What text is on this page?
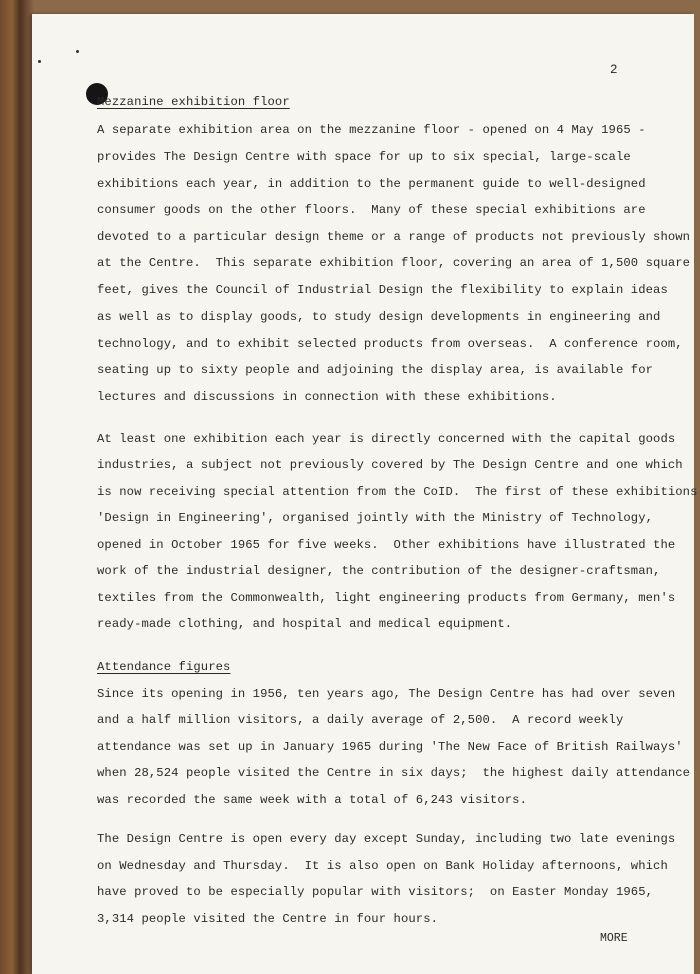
2
Mezzanine exhibition floor
A separate exhibition area on the mezzanine floor - opened on 4 May 1965 -
provides The Design Centre with space for up to six special, large-scale
exhibitions each year, in addition to the permanent guide to well-designed
consumer goods on the other floors.  Many of these special exhibitions are
devoted to a particular design theme or a range of products not previously shown
at the Centre.  This separate exhibition floor, covering an area of 1,500 square
feet, gives the Council of Industrial Design the flexibility to explain ideas
as well as to display goods, to study design developments in engineering and
technology, and to exhibit selected products from overseas.  A conference room,
seating up to sixty people and adjoining the display area, is available for
lectures and discussions in connection with these exhibitions.
At least one exhibition each year is directly concerned with the capital goods
industries, a subject not previously covered by The Design Centre and one which
is now receiving special attention from the CoID.  The first of these exhibitions
'Design in Engineering', organised jointly with the Ministry of Technology,
opened in October 1965 for five weeks.  Other exhibitions have illustrated the
work of the industrial designer, the contribution of the designer-craftsman,
textiles from the Commonwealth, light engineering products from Germany, men's
ready-made clothing, and hospital and medical equipment.
Attendance figures
Since its opening in 1956, ten years ago, The Design Centre has had over seven
and a half million visitors, a daily average of 2,500.  A record weekly
attendance was set up in January 1965 during 'The New Face of British Railways'
when 28,524 people visited the Centre in six days;  the highest daily attendance
was recorded the same week with a total of 6,243 visitors.
The Design Centre is open every day except Sunday, including two late evenings
on Wednesday and Thursday.  It is also open on Bank Holiday afternoons, which
have proved to be especially popular with visitors;  on Easter Monday 1965,
3,314 people visited the Centre in four hours.
MORE
